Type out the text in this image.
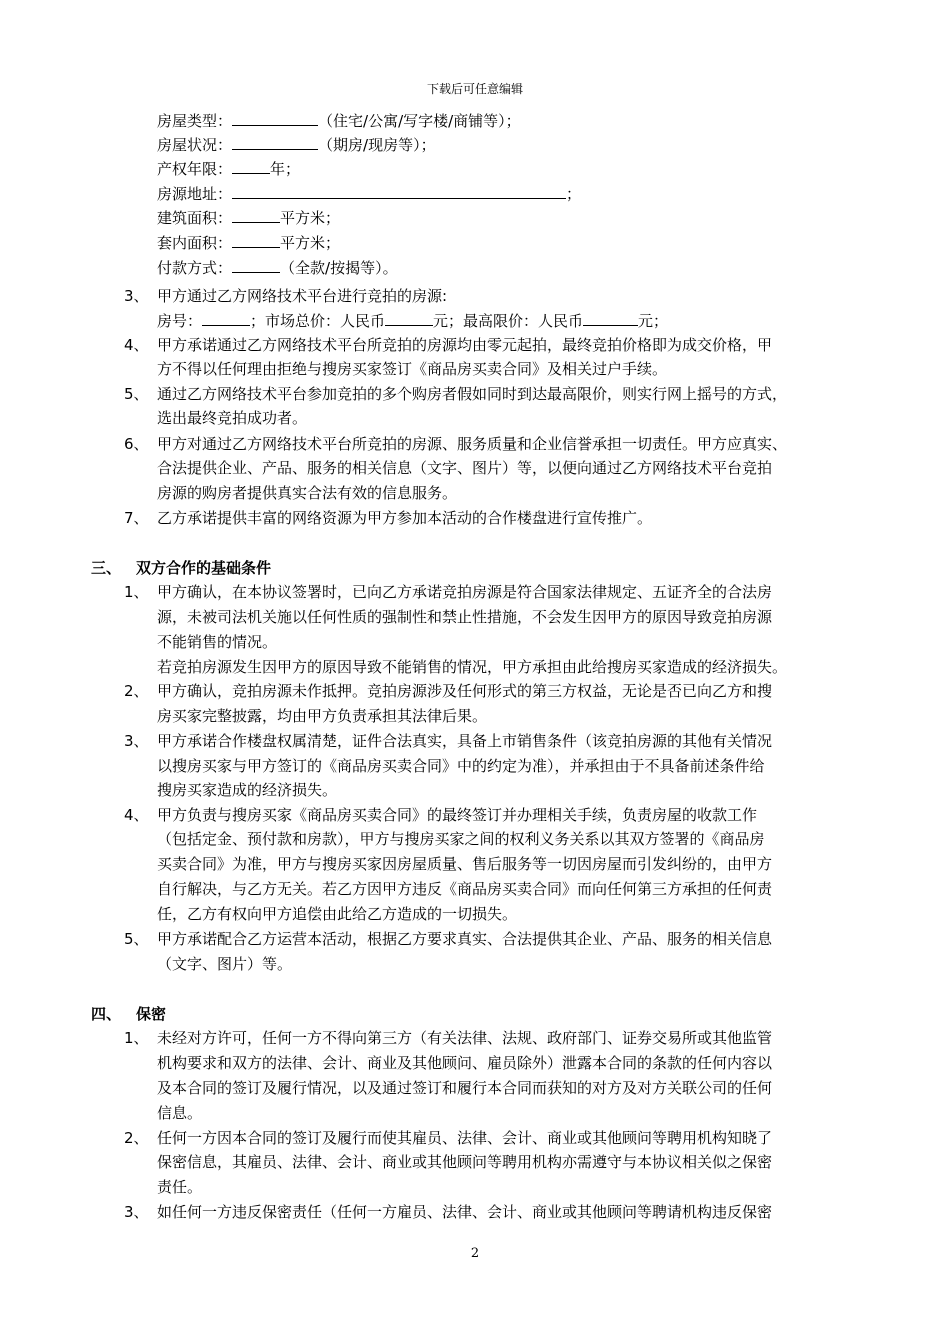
下载后可任意编辑
房屋类型：	（住宅/公寓/写字楼/商铺等）；
房屋状况：	（期房/现房等）；
产权年限：	年；
房源地址：	；
建筑面积：	平方米；
套内面积：	平方米；
付款方式：	（全款/按揭等）。
3、 甲方通过乙方网络技术平台进行竞拍的房源:
房号：	；市场总价：人民币	元；最高限价：人民币	元；
4、 甲方承诺通过乙方网络技术平台所竞拍的房源均由零元起拍，最终竞拍价格即为成交价格，甲
方不得以任何理由拒绝与搜房买家签订《商品房买卖合同》及相关过户手续。
5、 通过乙方网络技术平台参加竞拍的多个购房者假如同时到达最高限价，则实行网上摇号的方式，
选出最终竞拍成功者。
6、 甲方对通过乙方网络技术平台所竞拍的房源、服务质量和企业信誉承担一切责任。甲方应真实、
合法提供企业、产品、服务的相关信息（文字、图片）等，以便向通过乙方网络技术平台竞拍
房源的购房者提供真实合法有效的信息服务。
7、 乙方承诺提供丰富的网络资源为甲方参加本活动的合作楼盘进行宣传推广。
三、 双方合作的基础条件
1、 甲方确认，在本协议签署时，已向乙方承诺竞拍房源是符合国家法律规定、五证齐全的合法房
源，未被司法机关施以任何性质的强制性和禁止性措施，不会发生因甲方的原因导致竞拍房源
不能销售的情况。
若竞拍房源发生因甲方的原因导致不能销售的情况，甲方承担由此给搜房买家造成的经济损失。
2、 甲方确认，竞拍房源未作抵押。竞拍房源涉及任何形式的第三方权益，无论是否已向乙方和搜
房买家完整披露，均由甲方负责承担其法律后果。
3、 甲方承诺合作楼盘权属清楚，证件合法真实，具备上市销售条件（该竞拍房源的其他有关情况
以搜房买家与甲方签订的《商品房买卖合同》中的约定为准），并承担由于不具备前述条件给
搜房买家造成的经济损失。
4、 甲方负责与搜房买家《商品房买卖合同》的最终签订并办理相关手续，负责房屋的收款工作
（包括定金、预付款和房款），甲方与搜房买家之间的权利义务关系以其双方签署的《商品房
买卖合同》为准，甲方与搜房买家因房屋质量、售后服务等一切因房屋而引发纠纷的，由甲方
自行解决，与乙方无关。若乙方因甲方违反《商品房买卖合同》而向任何第三方承担的任何责
任，乙方有权向甲方追偿由此给乙方造成的一切损失。
5、 甲方承诺配合乙方运营本活动，根据乙方要求真实、合法提供其企业、产品、服务的相关信息
（文字、图片）等。
四、 保密
1、 未经对方许可，任何一方不得向第三方（有关法律、法规、政府部门、证券交易所或其他监管
机构要求和双方的法律、会计、商业及其他顾问、雇员除外）泄露本合同的条款的任何内容以
及本合同的签订及履行情况，以及通过签订和履行本合同而获知的对方及对方关联公司的任何
信息。
2、 任何一方因本合同的签订及履行而使其雇员、法律、会计、商业或其他顾问等聘用机构知晓了
保密信息，其雇员、法律、会计、商业或其他顾问等聘用机构亦需遵守与本协议相关似之保密
责任。
3、 如任何一方违反保密责任（任何一方雇员、法律、会计、商业或其他顾问等聘请机构违反保密
2
